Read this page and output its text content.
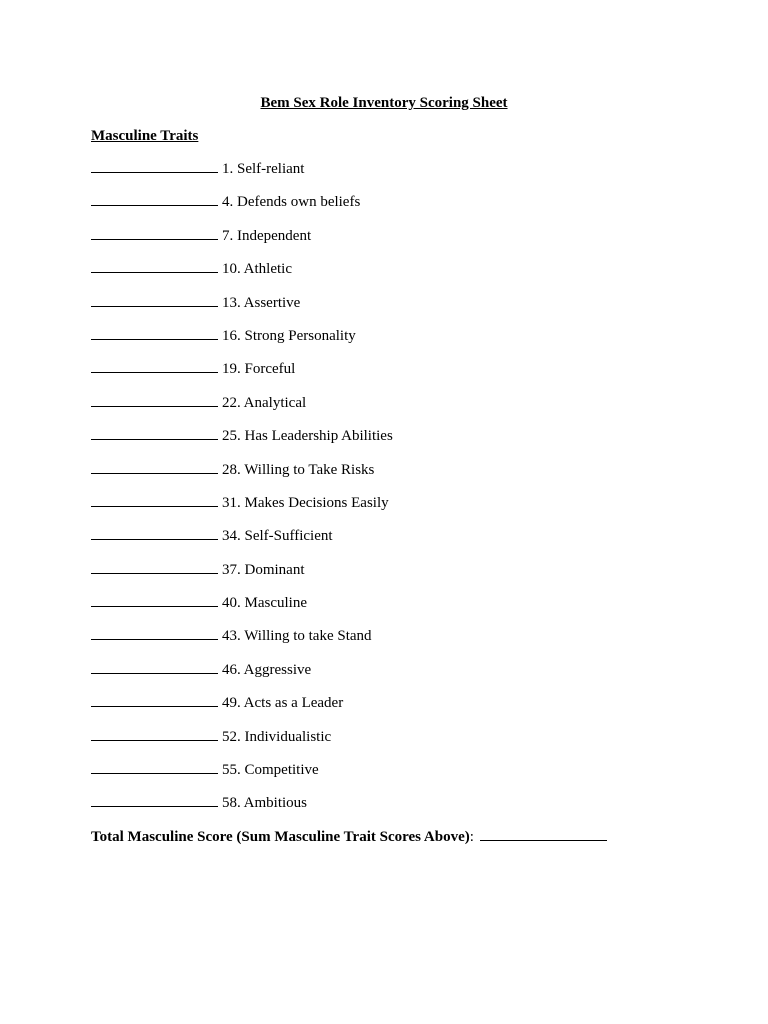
Bem Sex Role Inventory Scoring Sheet
Masculine Traits
1. Self-reliant
4. Defends own beliefs
7. Independent
10. Athletic
13. Assertive
16. Strong Personality
19. Forceful
22. Analytical
25. Has Leadership Abilities
28. Willing to Take Risks
31. Makes Decisions Easily
34. Self-Sufficient
37. Dominant
40. Masculine
43. Willing to take Stand
46. Aggressive
49. Acts as a Leader
52. Individualistic
55. Competitive
58. Ambitious
Total Masculine Score (Sum Masculine Trait Scores Above):
